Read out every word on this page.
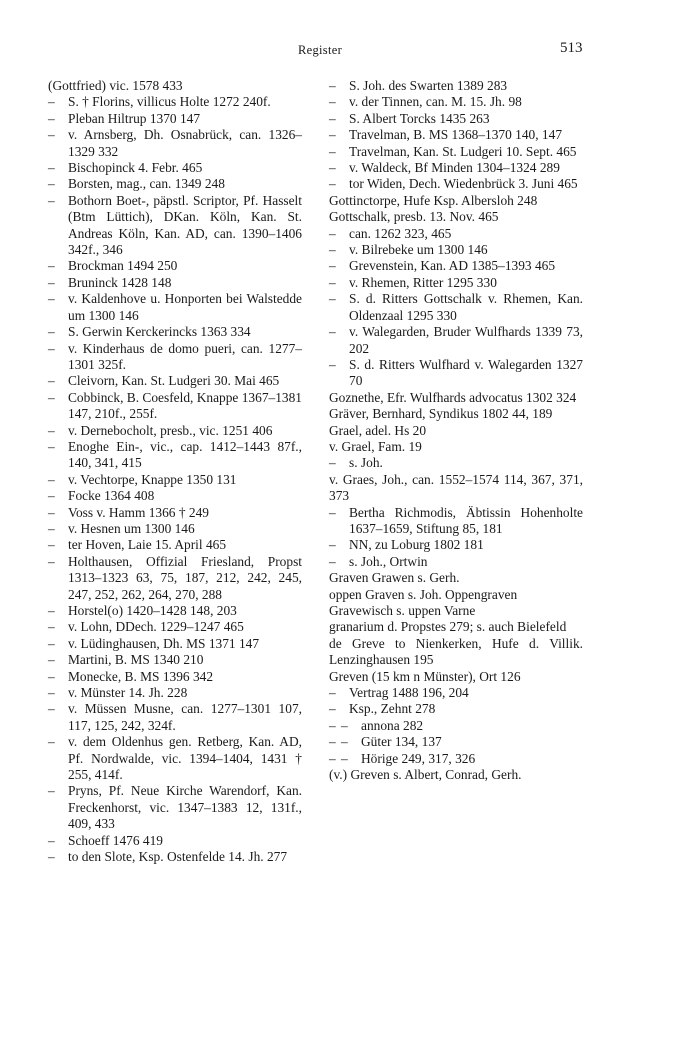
Register	513
(Gottfried) vic. 1578 433
– S. † Florins, villicus Holte 1272 240f.
– Pleban Hiltrup 1370 147
– v. Arnsberg, Dh. Osnabrück, can. 1326–1329 332
– Bischopinck 4. Febr. 465
– Borsten, mag., can. 1349 248
– Bothorn Boet-, päpstl. Scriptor, Pf. Hasselt (Btm Lüttich), DKan. Köln, Kan. St. Andreas Köln, Kan. AD, can. 1390–1406 342f., 346
– Brockman 1494 250
– Bruninck 1428 148
– v. Kaldenhove u. Honporten bei Walstedde um 1300 146
– S. Gerwin Kerckerincks 1363 334
– v. Kinderhaus de domo pueri, can. 1277–1301 325f.
– Cleivorn, Kan. St. Ludgeri 30. Mai 465
– Cobbinck, B. Coesfeld, Knappe 1367–1381 147, 210f., 255f.
– v. Dernebocholt, presb., vic. 1251 406
– Enoghe Ein-, vic., cap. 1412–1443 87f., 140, 341, 415
– v. Vechtorpe, Knappe 1350 131
– Focke 1364 408
– Voss v. Hamm 1366 † 249
– v. Hesnen um 1300 146
– ter Hoven, Laie 15. April 465
– Holthausen, Offizial Friesland, Propst 1313–1323 63, 75, 187, 212, 242, 245, 247, 252, 262, 264, 270, 288
– Horstel(o) 1420–1428 148, 203
– v. Lohn, DDech. 1229–1247 465
– v. Lüdinghausen, Dh. MS 1371 147
– Martini, B. MS 1340 210
– Monecke, B. MS 1396 342
– v. Münster 14. Jh. 228
– v. Müssen Musne, can. 1277–1301 107, 117, 125, 242, 324f.
– v. dem Oldenhus gen. Retberg, Kan. AD, Pf. Nordwalde, vic. 1394–1404, 1431 † 255, 414f.
– Pryns, Pf. Neue Kirche Warendorf, Kan. Freckenhorst, vic. 1347–1383 12, 131f., 409, 433
– Schoeff 1476 419
– to den Slote, Ksp. Ostenfelde 14. Jh. 277
– S. Joh. des Swarten 1389 283
– v. der Tinnen, can. M. 15. Jh. 98
– S. Albert Torcks 1435 263
– Travelman, B. MS 1368–1370 140, 147
– Travelman, Kan. St. Ludgeri 10. Sept. 465
– v. Waldeck, Bf Minden 1304–1324 289
– tor Widen, Dech. Wiedenbrück 3. Juni 465
Gottinctorpe, Hufe Ksp. Albersloh 248
Gottschalk, presb. 13. Nov. 465
– can. 1262 323, 465
– v. Bilrebeke um 1300 146
– Grevenstein, Kan. AD 1385–1393 465
– v. Rhemen, Ritter 1295 330
– S. d. Ritters Gottschalk v. Rhemen, Kan. Oldenzaal 1295 330
– v. Walegarden, Bruder Wulfhards 1339 73, 202
– S. d. Ritters Wulfhard v. Walegarden 1327 70
Goznethe, Efr. Wulfhards advocatus 1302 324
Gräver, Bernhard, Syndikus 1802 44, 189
Grael, adel. Hs 20
v. Grael, Fam. 19
– s. Joh.
v. Graes, Joh., can. 1552–1574 114, 367, 371, 373
– Bertha Richmodis, Äbtissin Hohenholte 1637–1659, Stiftung 85, 181
– NN, zu Loburg 1802 181
– s. Joh., Ortwin
Graven Grawen s. Gerh.
oppen Graven s. Joh. Oppengraven
Gravewisch s. uppen Varne
granarium d. Propstes 279; s. auch Bielefeld
de Greve to Nienkerken, Hufe d. Villik. Lenzinghausen 195
Greven (15 km n Münster), Ort 126
– Vertrag 1488 196, 204
– Ksp., Zehnt 278
– – annona 282
– – Güter 134, 137
– – Hörige 249, 317, 326
(v.) Greven s. Albert, Conrad, Gerh.
